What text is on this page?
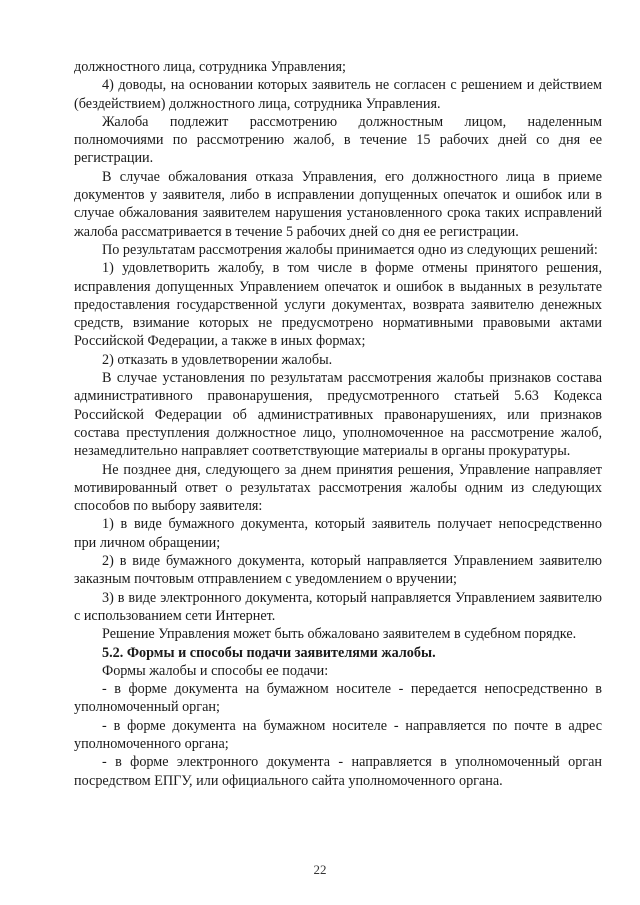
должностного лица, сотрудника Управления;

4) доводы, на основании которых заявитель не согласен с решением и действием (бездействием) должностного лица, сотрудника Управления.

Жалоба подлежит рассмотрению должностным лицом, наделенным полномочиями по рассмотрению жалоб, в течение 15 рабочих дней со дня ее регистрации.

В случае обжалования отказа Управления, его должностного лица в приеме документов у заявителя, либо в исправлении допущенных опечаток и ошибок или в случае обжалования заявителем нарушения установленного срока таких исправлений жалоба рассматривается в течение 5 рабочих дней со дня ее регистрации.

По результатам рассмотрения жалобы принимается одно из следующих решений:

1) удовлетворить жалобу, в том числе в форме отмены принятого решения, исправления допущенных Управлением опечаток и ошибок в выданных в результате предоставления государственной услуги документах, возврата заявителю денежных средств, взимание которых не предусмотрено нормативными правовыми актами Российской Федерации, а также в иных формах;

2) отказать в удовлетворении жалобы.

В случае установления по результатам рассмотрения жалобы признаков состава административного правонарушения, предусмотренного статьей 5.63 Кодекса Российской Федерации об административных правонарушениях, или признаков состава преступления должностное лицо, уполномоченное на рассмотрение жалоб, незамедлительно направляет соответствующие материалы в органы прокуратуры.

Не позднее дня, следующего за днем принятия решения, Управление направляет мотивированный ответ о результатах рассмотрения жалобы одним из следующих способов по выбору заявителя:

1) в виде бумажного документа, который заявитель получает непосредственно при личном обращении;

2) в виде бумажного документа, который направляется Управлением заявителю заказным почтовым отправлением с уведомлением о вручении;

3) в виде электронного документа, который направляется Управлением заявителю с использованием сети Интернет.

Решение Управления может быть обжаловано заявителем в судебном порядке.

5.2. Формы и способы подачи заявителями жалобы.

Формы жалобы и способы ее подачи:

- в форме документа на бумажном носителе - передается непосредственно в уполномоченный орган;

- в форме документа на бумажном носителе - направляется по почте в адрес уполномоченного органа;

- в форме электронного документа - направляется в уполномоченный орган посредством ЕПГУ, или официального сайта уполномоченного органа.

22
